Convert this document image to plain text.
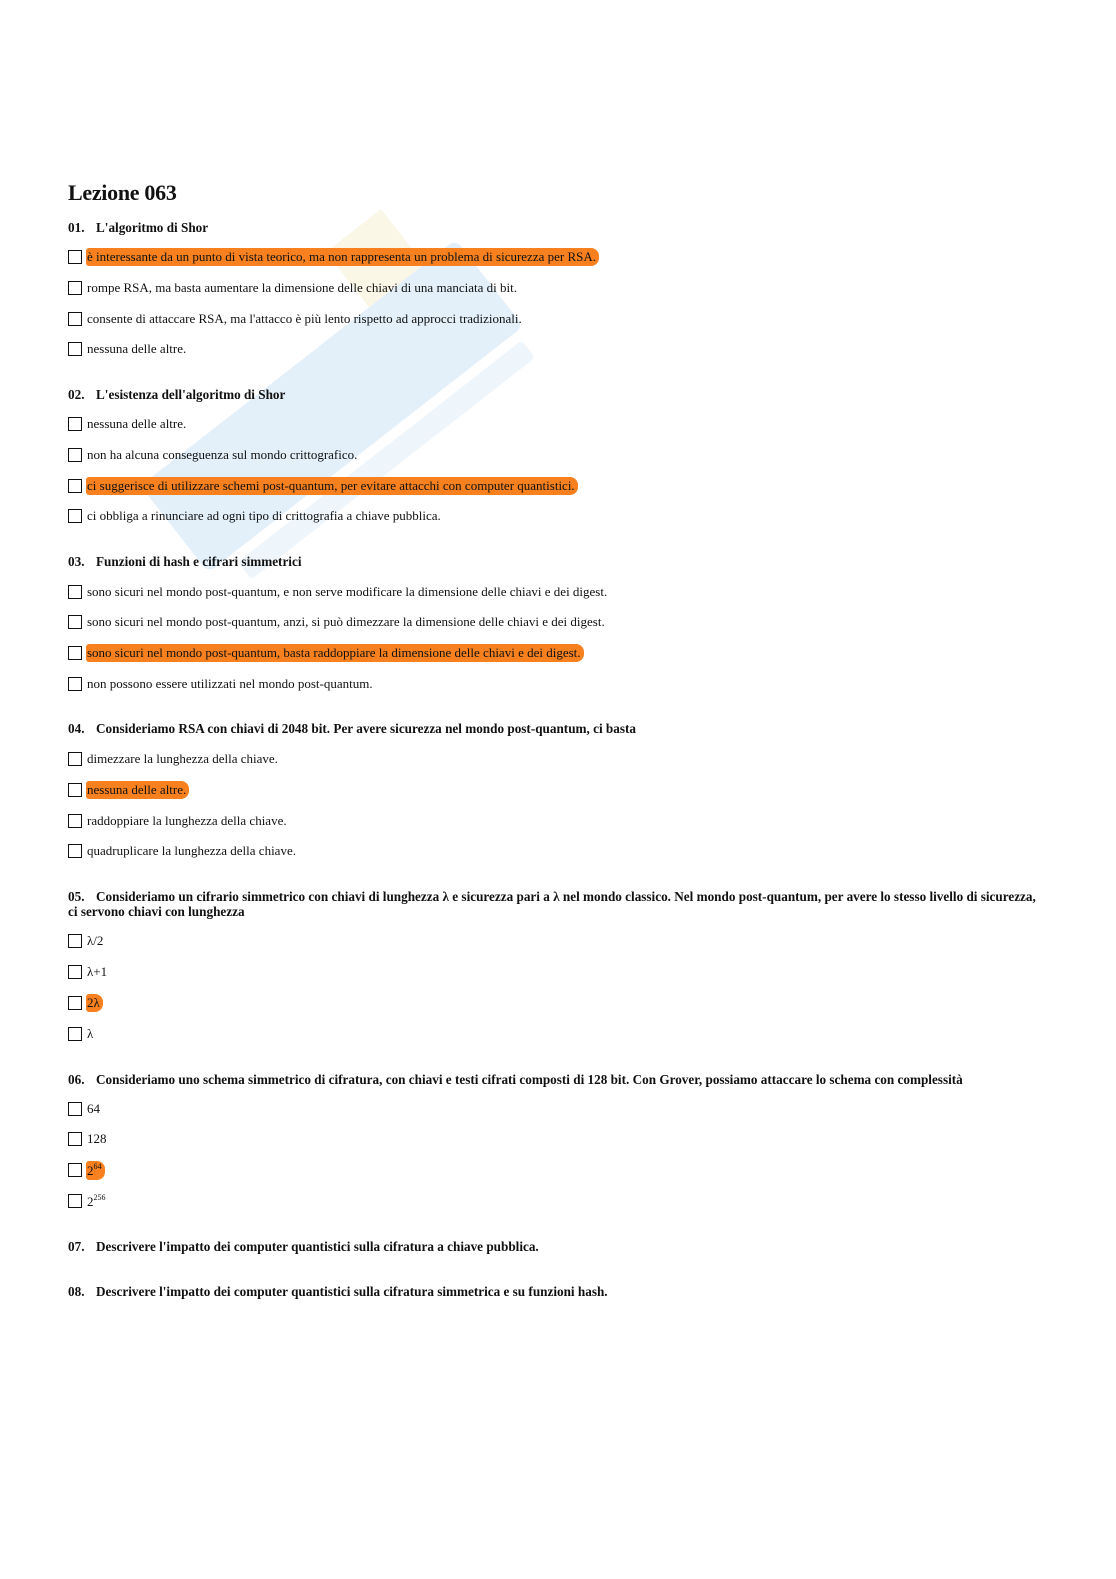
Lezione 063
01. L'algoritmo di Shor
è interessante da un punto di vista teorico, ma non rappresenta un problema di sicurezza per RSA.
rompe RSA, ma basta aumentare la dimensione delle chiavi di una manciata di bit.
consente di attaccare RSA, ma l'attacco è più lento rispetto ad approcci tradizionali.
nessuna delle altre.
02. L'esistenza dell'algoritmo di Shor
nessuna delle altre.
non ha alcuna conseguenza sul mondo crittografico.
ci suggerisce di utilizzare schemi post-quantum, per evitare attacchi con computer quantistici.
ci obbliga a rinunciare ad ogni tipo di crittografia a chiave pubblica.
03. Funzioni di hash e cifrari simmetrici
sono sicuri nel mondo post-quantum, e non serve modificare la dimensione delle chiavi e dei digest.
sono sicuri nel mondo post-quantum, anzi, si può dimezzare la dimensione delle chiavi e dei digest.
sono sicuri nel mondo post-quantum, basta raddoppiare la dimensione delle chiavi e dei digest.
non possono essere utilizzati nel mondo post-quantum.
04. Consideriamo RSA con chiavi di 2048 bit. Per avere sicurezza nel mondo post-quantum, ci basta
dimezzare la lunghezza della chiave.
nessuna delle altre.
raddoppiare la lunghezza della chiave.
quadruplicare la lunghezza della chiave.
05. Consideriamo un cifrario simmetrico con chiavi di lunghezza λ e sicurezza pari a λ nel mondo classico. Nel mondo post-quantum, per avere lo stesso livello di sicurezza, ci servono chiavi con lunghezza
λ/2
λ+1
2λ
λ
06. Consideriamo uno schema simmetrico di cifratura, con chiavi e testi cifrati composti di 128 bit. Con Grover, possiamo attaccare lo schema con complessità
64
128
$2^{64}$
$2^{256}$
07. Descrivere l'impatto dei computer quantistici sulla cifratura a chiave pubblica.
08. Descrivere l'impatto dei computer quantistici sulla cifratura simmetrica e su funzioni hash.
